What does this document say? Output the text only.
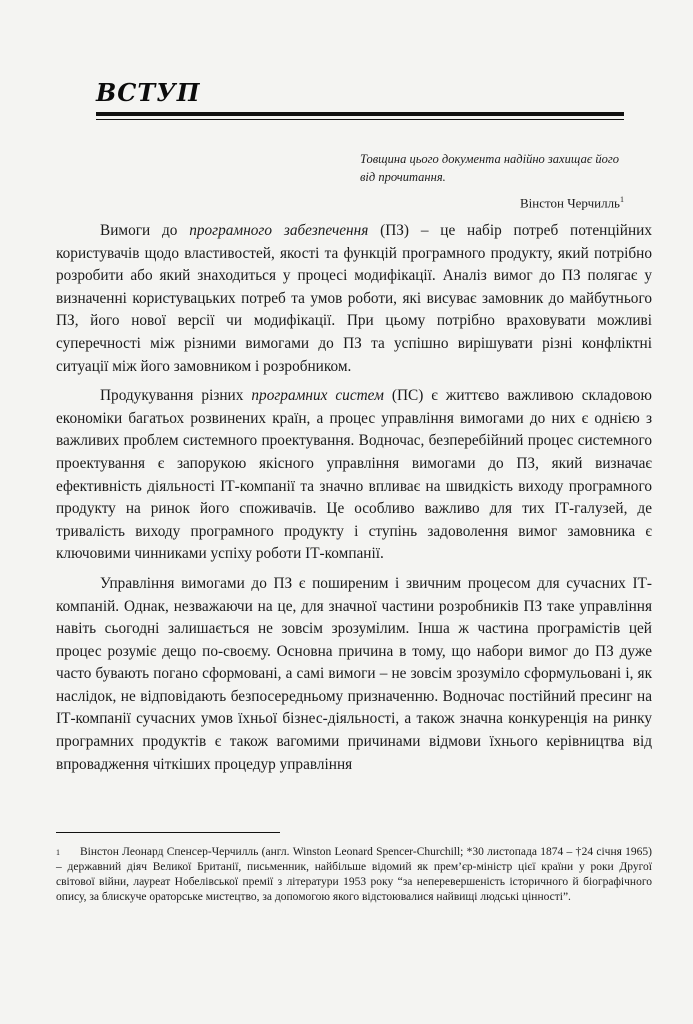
ВСТУП
Товщина цього документа надійно захищає його від прочитання.
Вінстон Черчилль$^1$

Вимоги до програмного забезпечення (ПЗ) – це набір потреб потенційних користувачів щодо властивостей, якості та функцій програмного продукту, який потрібно розробити або який знаходиться у процесі модифікації. Аналіз вимог до ПЗ полягає у визначенні користувацьких потреб та умов роботи, які висуває замовник до майбутнього ПЗ, його нової версії чи модифікації. При цьому потрібно враховувати можливі суперечності між різними вимогами до ПЗ та успішно вирішувати різні конфліктні ситуації між його замовником і розробником.

Продукування різних програмних систем (ПС) є життєво важливою складовою економіки багатьох розвинених країн, а процес управління вимогами до них є однією з важливих проблем системного проектування. Водночас, безперебійний процес системного проектування є запорукою якісного управління вимогами до ПЗ, який визначає ефективність діяльності ІТ-компанії та значно впливає на швидкість виходу програмного продукту на ринок його споживачів. Це особливо важливо для тих ІТ-галузей, де тривалість виходу програмного продукту і ступінь задоволення вимог замовника є ключовими чинниками успіху роботи ІТ-компанії.

Управління вимогами до ПЗ є поширеним і звичним процесом для сучасних ІТ-компаній. Однак, незважаючи на це, для значної частини розробників ПЗ таке управління навіть сьогодні залишається не зовсім зрозумілим. Інша ж частина програмістів цей процес розуміє дещо по-своєму. Основна причина в тому, що набори вимог до ПЗ дуже часто бувають погано сформовані, а самі вимоги – не зовсім зрозуміло сформульовані і, як наслідок, не відповідають безпосередньому призначенню. Водночас постійний пресинг на ІТ-компанії сучасних умов їхньої бізнес-діяльності, а також значна конкуренція на ринку програмних продуктів є також вагомими причинами відмови їхнього керівництва від впровадження чіткіших процедур управління

1 Вінстон Леонард Спенсер-Черчилль (англ. Winston Leonard Spencer-Churchill; *30 листопада 1874 – †24 січня 1965) – державний діяч Великої Британії, письменник, найбільше відомий як прем’єр-міністр цієї країни у роки Другої світової війни, лауреат Нобелівської премії з літератури 1953 року “за неперевершеність історичного й біографічного опису, за блискуче ораторське мистецтво, за допомогою якого відстоювалися найвищі людські цінності”.
